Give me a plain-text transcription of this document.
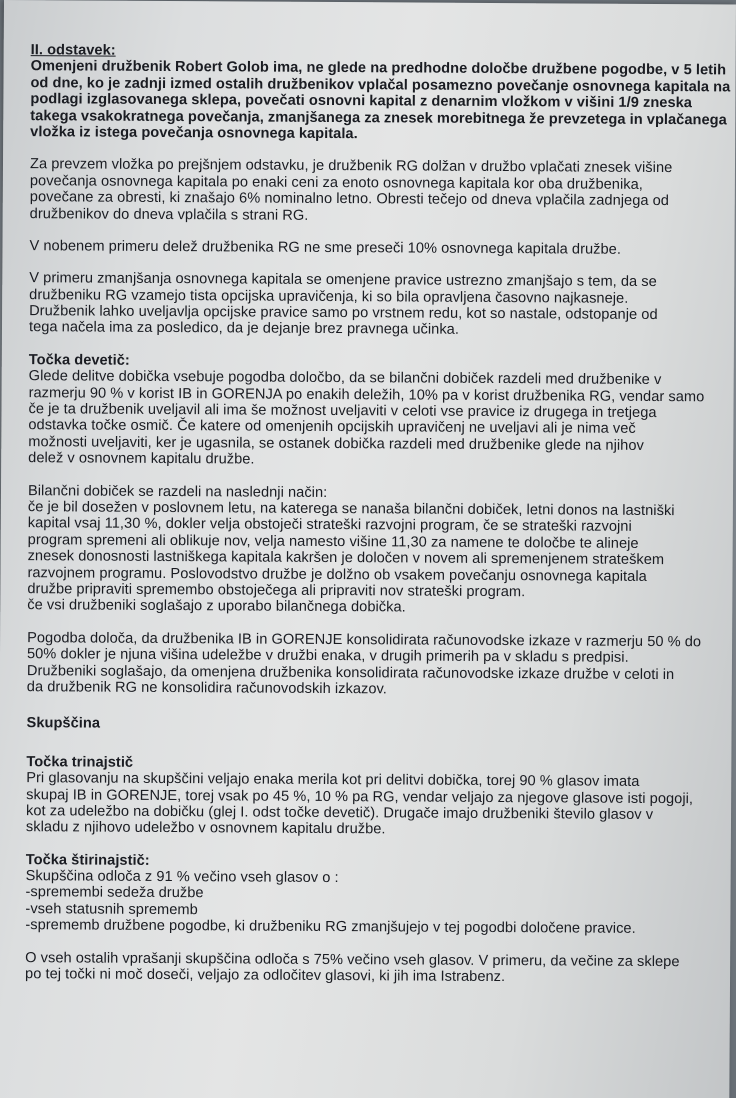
II. odstavek:

Omenjeni družbenik Robert Golob ima, ne glede na predhodne določbe družbene pogodbe, v 5 letih

od dne, ko je zadnji izmed ostalih družbenikov vplačal posamezno povečanje osnovnega kapitala na

podlagi izglasovanega sklepa, povečati osnovni kapital z denarnim vložkom v višini 1/9 zneska

takega vsakokratnega povečanja, zmanjšanega za znesek morebitnega že prevzetega in vplačanega

vložka iz istega povečanja osnovnega kapitala.

Za prevzem vložka po prejšnjem odstavku, je družbenik RG dolžan v družbo vplačati znesek višine

povečanja osnovnega kapitala po enaki ceni za enoto osnovnega kapitala kor oba družbenika,

povečane za obresti, ki znašajo 6% nominalno letno. Obresti tečejo od dneva vplačila zadnjega od

družbenikov do dneva vplačila s strani RG.

V nobenem primeru delež družbenika RG ne sme preseči 10% osnovnega kapitala družbe.

V primeru zmanjšanja osnovnega kapitala se omenjene pravice ustrezno zmanjšajo s tem, da se

družbeniku RG vzamejo tista opcijska upravičenja, ki so bila opravljena časovno najkasneje.

Družbenik lahko uveljavlja opcijske pravice samo po vrstnem redu, kot so nastale, odstopanje od

tega načela ima za posledico, da je dejanje brez pravnega učinka.

Točka devetič:

Glede delitve dobička vsebuje pogodba določbo, da se bilančni dobiček razdeli med družbenike v

razmerju 90 % v korist IB in GORENJA po enakih deležih, 10% pa v korist družbenika RG, vendar samo

če je ta družbenik uveljavil ali ima še možnost uveljaviti v celoti vse pravice iz drugega in tretjega

odstavka točke osmič. Če katere od omenjenih opcijskih upravičenj ne uveljavi ali je nima več

možnosti uveljaviti, ker je ugasnila, se ostanek dobička razdeli med družbenike glede na njihov

delež v osnovnem kapitalu družbe.

Bilančni dobiček se razdeli na naslednji način:

če je bil dosežen v poslovnem letu, na katerega se nanaša bilančni dobiček, letni donos na lastniški

kapital vsaj 11,30 %, dokler velja obstoječi strateški razvojni program, če se strateški razvojni

program spremeni ali oblikuje nov, velja namesto višine 11,30 za namene te določbe te alineje

znesek donosnosti lastniškega kapitala kakršen je določen v novem ali spremenjenem strateškem

razvojnem programu. Poslovodstvo družbe je dolžno ob vsakem povečanju osnovnega kapitala

družbe pripraviti spremembo obstoječega ali pripraviti nov strateški program.

če vsi družbeniki soglašajo z uporabo bilančnega dobička.

Pogodba določa, da družbenika IB in GORENJE konsolidirata računovodske izkaze v razmerju 50 % do

50% dokler je njuna višina udeležbe v družbi enaka, v drugih primerih pa v skladu s predpisi.

Družbeniki soglašajo, da omenjena družbenika konsolidirata računovodske izkaze družbe v celoti in

da družbenik RG ne konsolidira računovodskih izkazov.

Skupščina

Točka trinajstič

Pri glasovanju na skupščini veljajo enaka merila kot pri delitvi dobička, torej 90 % glasov imata

skupaj IB in GORENJE, torej vsak po 45 %, 10 % pa RG, vendar veljajo za njegove glasove isti pogoji,

kot za udeležbo na dobičku (glej I. odst točke devetič). Drugače imajo družbeniki število glasov v

skladu z njihovo udeležbo v osnovnem kapitalu družbe.

Točka štirinajstič:

Skupščina odloča z 91 % večino vseh glasov o :

-spremembi sedeža družbe

-vseh statusnih sprememb

-sprememb družbene pogodbe, ki družbeniku RG zmanjšujejo v tej pogodbi določene pravice.

O vseh ostalih vprašanji skupščina odloča s 75% večino vseh glasov. V primeru, da večine za sklepe

po tej točki ni moč doseči, veljajo za odločitev glasovi, ki jih ima Istrabenz.
